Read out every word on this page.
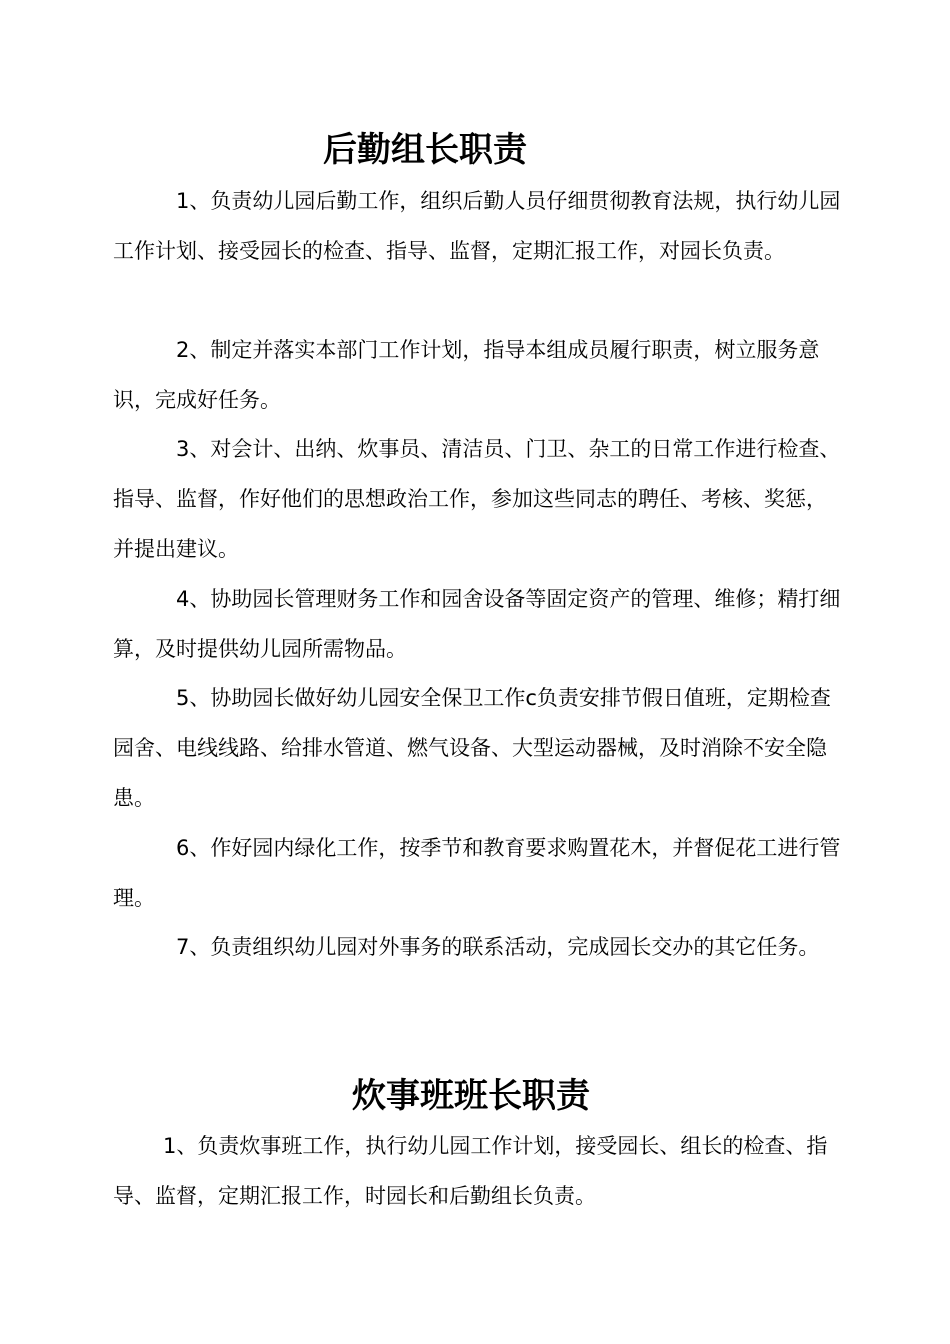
后勤组长职责

1、负责幼儿园后勤工作，组织后勤人员仔细贯彻教育法规，执行幼儿园工作计划、接受园长的检查、指导、监督，定期汇报工作，对园长负责。

2、制定并落实本部门工作计划，指导本组成员履行职责，树立服务意识，完成好任务。

3、对会计、出纳、炊事员、清洁员、门卫、杂工的日常工作进行检查、指导、监督，作好他们的思想政治工作，参加这些同志的聘任、考核、奖惩，并提出建议。

4、协助园长管理财务工作和园舍设备等固定资产的管理、维修；精打细算，及时提供幼儿园所需物品。

5、协助园长做好幼儿园安全保卫工作c负责安排节假日值班，定期检查园舍、电线线路、给排水管道、燃气设备、大型运动器械，及时消除不安全隐患。

6、作好园内绿化工作，按季节和教育要求购置花木，并督促花工进行管理。

7、负责组织幼儿园对外事务的联系活动，完成园长交办的其它任务。

炊事班班长职责

1、负责炊事班工作，执行幼儿园工作计划，接受园长、组长的检查、指导、监督，定期汇报工作，时园长和后勤组长负责。
